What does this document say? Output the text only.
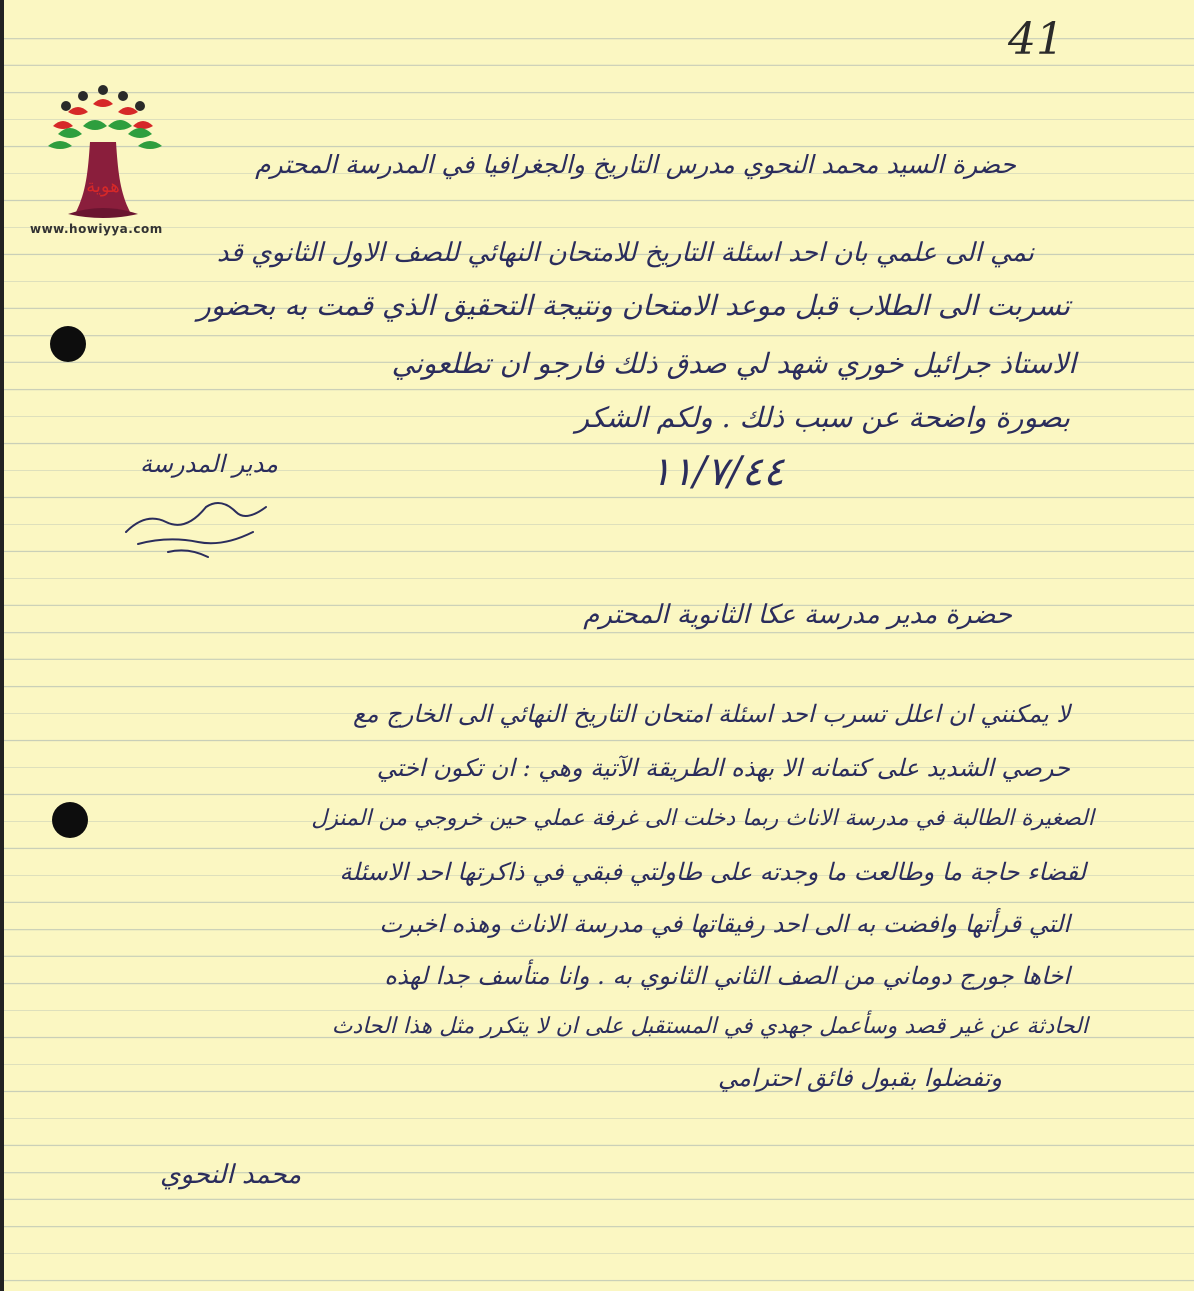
41
هوية
www.howiyya.com
حضرة السيد محمد النحوي مدرس التاريخ والجغرافيا في المدرسة المحترم
نمي الى علمي بان احد اسئلة التاريخ للامتحان النهائي للصف الاول الثانوي قد
تسربت الى الطلاب قبل موعد الامتحان ونتيجة التحقيق الذي قمت به بحضور
الاستاذ جرائيل خوري شهد لي صدق ذلك فارجو ان تطلعوني
بصورة واضحة عن سبب ذلك . ولكم الشكر
١١/٧/٤٤
مدير المدرسة
(توقيع)
حضرة مدير مدرسة عكا الثانوية المحترم
لا يمكنني ان اعلل تسرب احد اسئلة امتحان التاريخ النهائي الى الخارج مع
حرصي الشديد على كتمانه الا بهذه الطريقة الآتية وهي : ان تكون اختي
الصغيرة الطالبة في مدرسة الاناث ربما دخلت الى غرفة عملي حين خروجي من المنزل
لقضاء حاجة ما وطالعت ما وجدته على طاولتي فبقي في ذاكرتها احد الاسئلة
التي قرأتها وافضت به الى احد رفيقاتها في مدرسة الاناث وهذه اخبرت
اخاها جورج دوماني من الصف الثاني الثانوي به . وانا متأسف جدا لهذه
الحادثة عن غير قصد وسأعمل جهدي في المستقبل على ان لا يتكرر مثل هذا الحادث
وتفضلوا بقبول فائق احترامي
محمد النحوي
